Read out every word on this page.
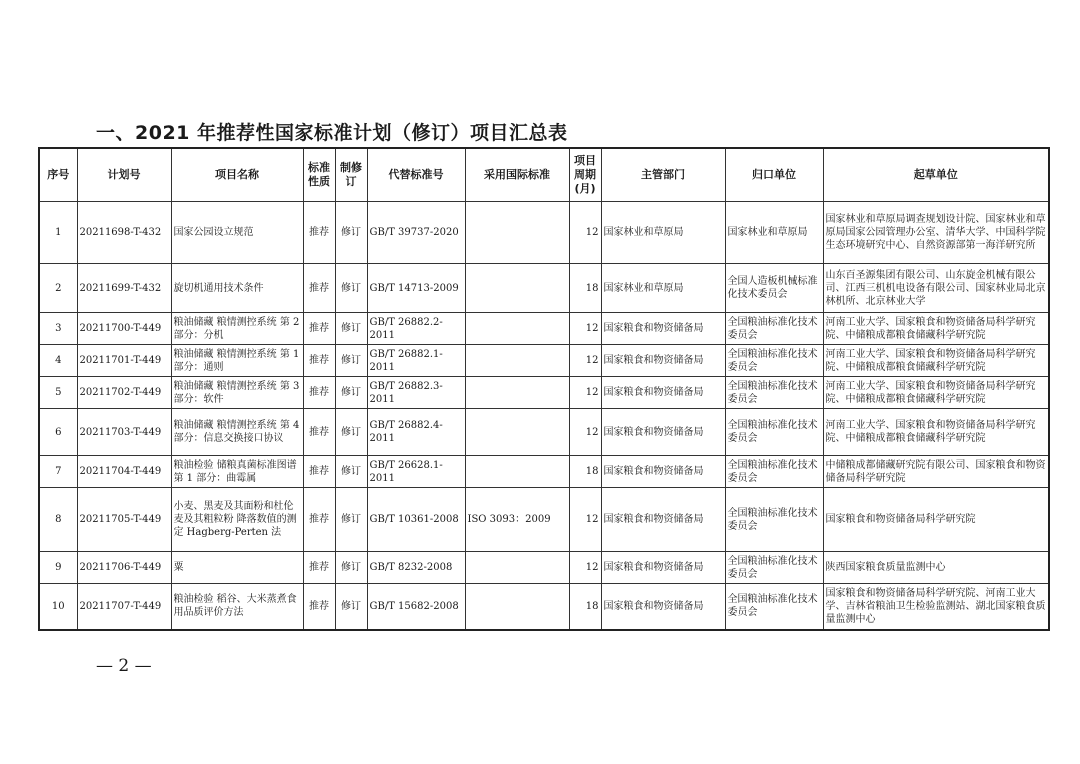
一、2021 年推荐性国家标准计划（修订）项目汇总表
序号	计划号	项目名称	标准性质	制修订	代替标准号	采用国际标准	项目周期(月)	主管部门	归口单位	起草单位
1	20211698-T-432	国家公园设立规范	推荐	修订	GB/T 39737-2020		12	国家林业和草原局	国家林业和草原局	国家林业和草原局调查规划设计院、国家林业和草原局国家公园管理办公室、清华大学、中国科学院生态环境研究中心、自然资源部第一海洋研究所
2	20211699-T-432	旋切机通用技术条件	推荐	修订	GB/T 14713-2009		18	国家林业和草原局	全国人造板机械标准化技术委员会	山东百圣源集团有限公司、山东旋金机械有限公司、江西三机机电设备有限公司、国家林业局北京林机所、北京林业大学
3	20211700-T-449	粮油储藏 粮情测控系统 第 2 部分：分机	推荐	修订	GB/T 26882.2-2011		12	国家粮食和物资储备局	全国粮油标准化技术委员会	河南工业大学、国家粮食和物资储备局科学研究院、中储粮成都粮食储藏科学研究院
4	20211701-T-449	粮油储藏 粮情测控系统 第 1 部分：通则	推荐	修订	GB/T 26882.1-2011		12	国家粮食和物资储备局	全国粮油标准化技术委员会	河南工业大学、国家粮食和物资储备局科学研究院、中储粮成都粮食储藏科学研究院
5	20211702-T-449	粮油储藏 粮情测控系统 第 3 部分：软件	推荐	修订	GB/T 26882.3-2011		12	国家粮食和物资储备局	全国粮油标准化技术委员会	河南工业大学、国家粮食和物资储备局科学研究院、中储粮成都粮食储藏科学研究院
6	20211703-T-449	粮油储藏 粮情测控系统 第 4 部分：信息交换接口协议	推荐	修订	GB/T 26882.4-2011		12	国家粮食和物资储备局	全国粮油标准化技术委员会	河南工业大学、国家粮食和物资储备局科学研究院、中储粮成都粮食储藏科学研究院
7	20211704-T-449	粮油检验 储粮真菌标准图谱 第 1 部分：曲霉属	推荐	修订	GB/T 26628.1-2011		18	国家粮食和物资储备局	全国粮油标准化技术委员会	中储粮成都储藏研究院有限公司、国家粮食和物资储备局科学研究院
8	20211705-T-449	小麦、黑麦及其面粉和杜伦麦及其粗粒粉 降落数值的测定 Hagberg-Perten 法	推荐	修订	GB/T 10361-2008	ISO 3093：2009	12	国家粮食和物资储备局	全国粮油标准化技术委员会	国家粮食和物资储备局科学研究院
9	20211706-T-449	粟	推荐	修订	GB/T 8232-2008		12	国家粮食和物资储备局	全国粮油标准化技术委员会	陕西国家粮食质量监测中心
10	20211707-T-449	粮油检验 稻谷、大米蒸煮食用品质评价方法	推荐	修订	GB/T 15682-2008		18	国家粮食和物资储备局	全国粮油标准化技术委员会	国家粮食和物资储备局科学研究院、河南工业大学、吉林省粮油卫生检验监测站、湖北国家粮食质量监测中心
— 2 —
